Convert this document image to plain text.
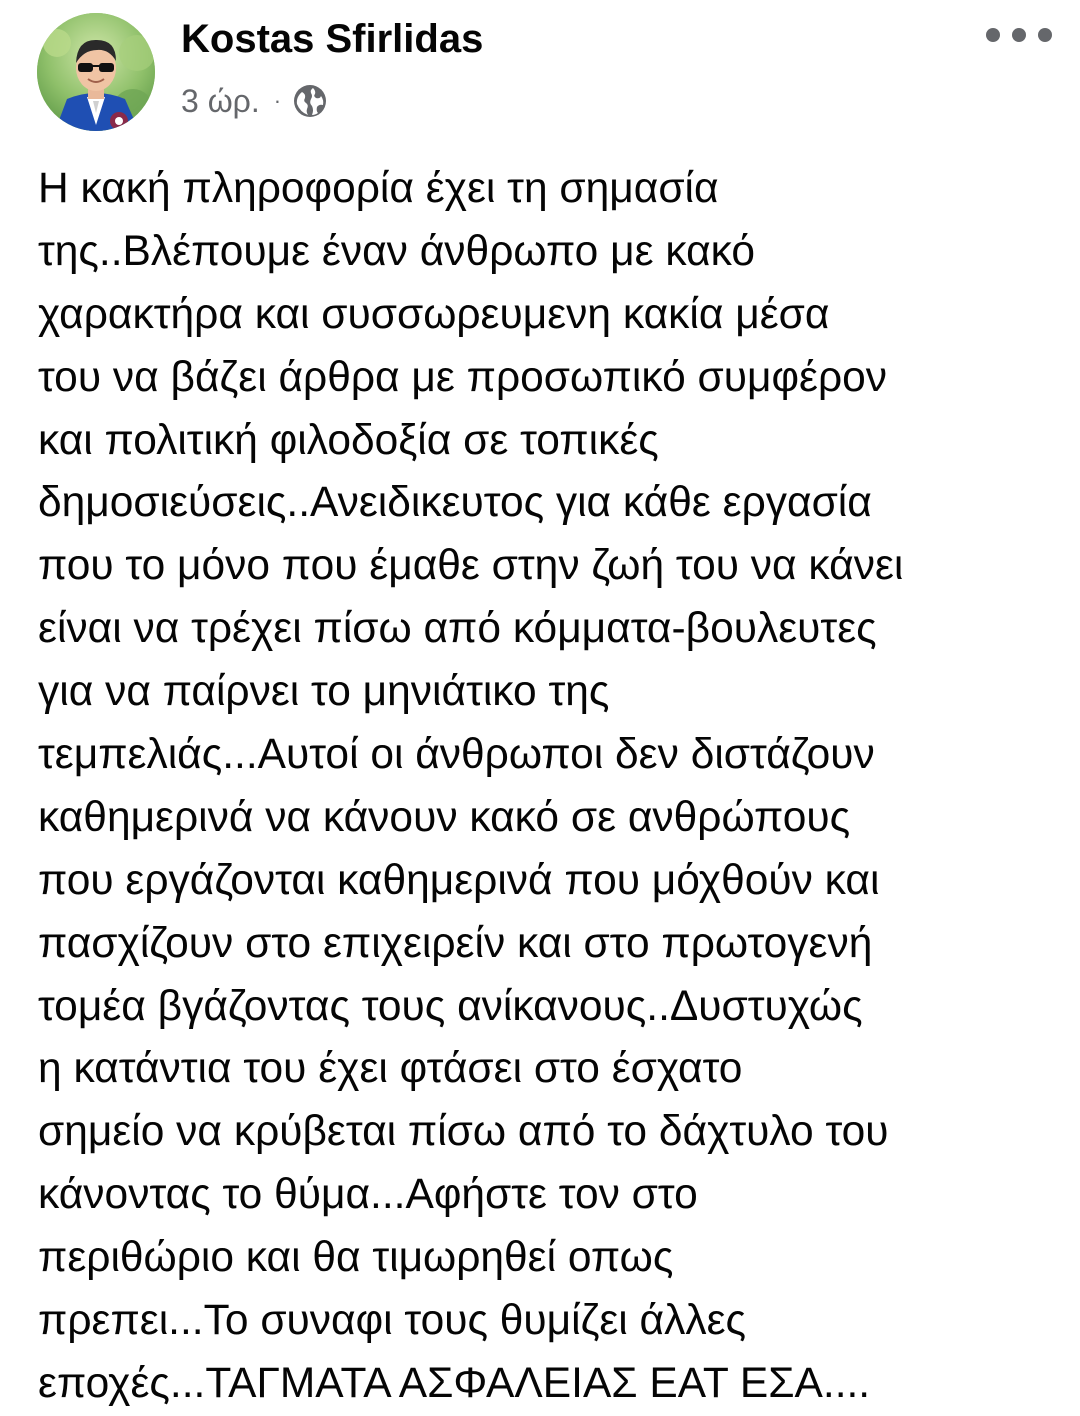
Kostas Sfirlidas
3 ώρ. ·
Η κακή πληροφορία έχει τη σημασία
της..Βλέπουμε έναν άνθρωπο με κακό
χαρακτήρα και συσσωρευμενη κακία μέσα
του να βάζει άρθρα με προσωπικό συμφέρον
και πολιτική φιλοδοξία σε τοπικές
δημοσιεύσεις..Ανειδικευτος για κάθε εργασία
που το μόνο που έμαθε στην ζωή του να κάνει
είναι να τρέχει πίσω από κόμματα-βουλευτες
για να παίρνει το μηνιάτικο της
τεμπελιάς...Αυτοί οι άνθρωποι δεν διστάζουν
καθημερινά να κάνουν κακό σε ανθρώπους
που εργάζονται καθημερινά που μόχθούν και
πασχίζουν στο επιχειρείν και στο πρωτογενή
τομέα βγάζοντας τους ανίκανους..Δυστυχώς
η κατάντια του έχει φτάσει στο έσχατο
σημείο να κρύβεται πίσω από το δάχτυλο του
κάνοντας το θύμα...Αφήστε τον στο
περιθώριο και θα τιμωρηθεί οπως
πρεπει...Το συναφι τους θυμίζει άλλες
εποχές...ΤΑΓΜΑΤΑ ΑΣΦΑΛΕΙΑΣ ΕΑΤ ΕΣΑ....
